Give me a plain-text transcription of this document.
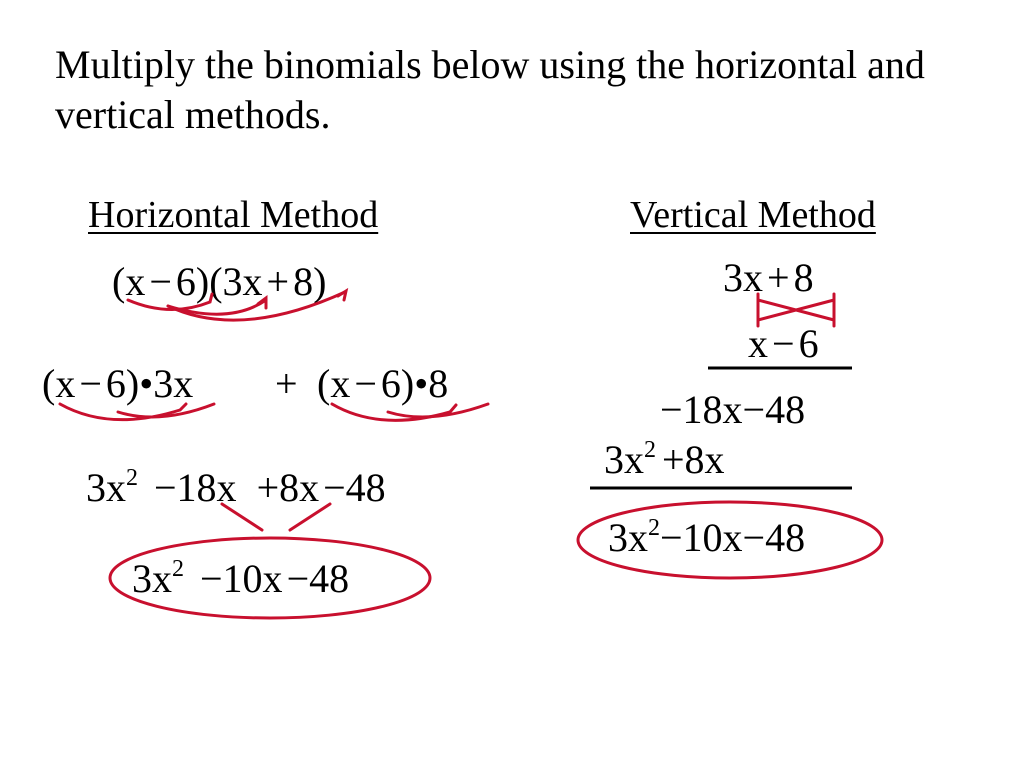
Multiply the binomials below using the horizontal and vertical methods.
Horizontal Method
(x − 6)(3x + 8)
(x − 6)•3x + (x − 6)•8
$3x^2 -18x +8x -48$
$3x^2 -10x -48$
Vertical Method
3x + 8
x − 6
−18x−48
$3x^2 +8x$
$3x^2-10x-48$
